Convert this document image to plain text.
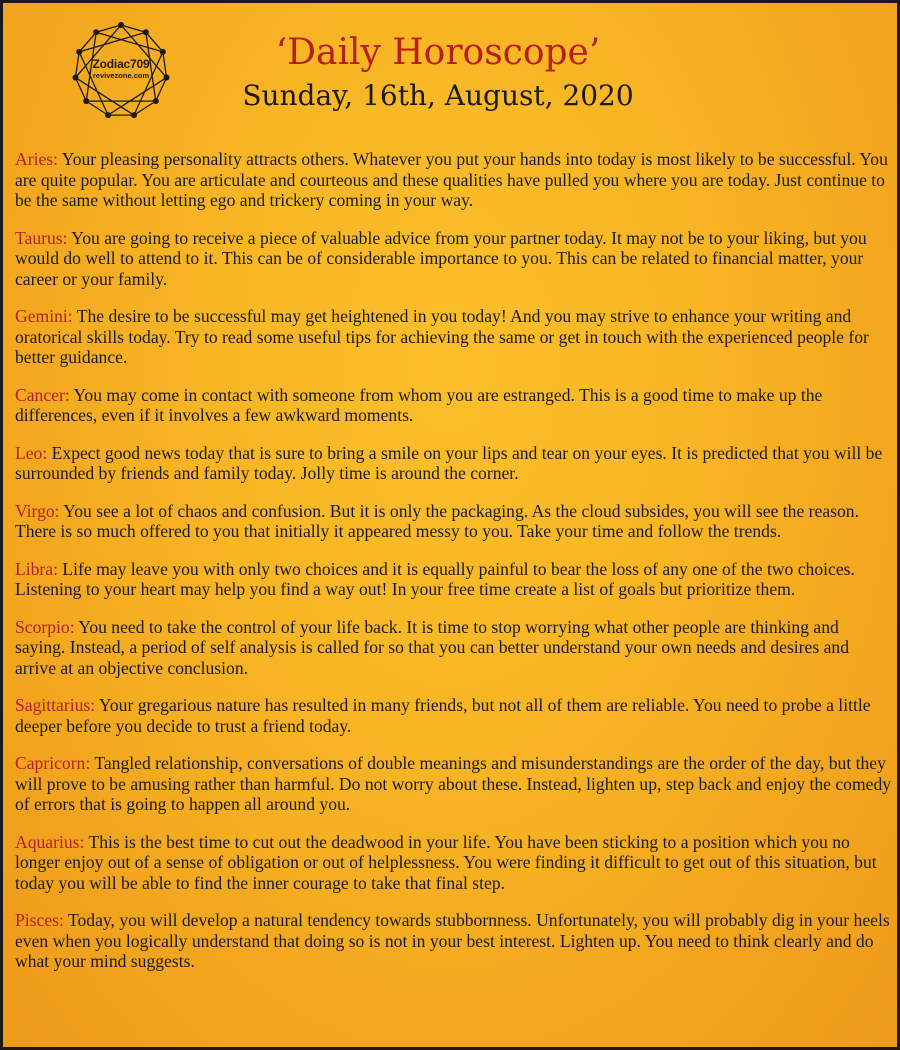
Zodiac709
revivezone.com
‘Daily Horoscope’
Sunday, 16th, August, 2020

Aries: Your pleasing personality attracts others. Whatever you put your hands into today is most likely to be successful. You are quite popular. You are articulate and courteous and these qualities have pulled you where you are today. Just continue to be the same without letting ego and trickery coming in your way.

Taurus: You are going to receive a piece of valuable advice from your partner today. It may not be to your liking, but you would do well to attend to it. This can be of considerable importance to you. This can be related to financial matter, your career or your family.

Gemini: The desire to be successful may get heightened in you today! And you may strive to enhance your writing and oratorical skills today. Try to read some useful tips for achieving the same or get in touch with the experienced people for better guidance.

Cancer: You may come in contact with someone from whom you are estranged. This is a good time to make up the differences, even if it involves a few awkward moments.

Leo: Expect good news today that is sure to bring a smile on your lips and tear on your eyes. It is predicted that you will be surrounded by friends and family today. Jolly time is around the corner.

Virgo: You see a lot of chaos and confusion. But it is only the packaging. As the cloud subsides, you will see the reason. There is so much offered to you that initially it appeared messy to you. Take your time and follow the trends.

Libra: Life may leave you with only two choices and it is equally painful to bear the loss of any one of the two choices. Listening to your heart may help you find a way out! In your free time create a list of goals but prioritize them.

Scorpio: You need to take the control of your life back. It is time to stop worrying what other people are thinking and saying. Instead, a period of self analysis is called for so that you can better understand your own needs and desires and arrive at an objective conclusion.

Sagittarius: Your gregarious nature has resulted in many friends, but not all of them are reliable. You need to probe a little deeper before you decide to trust a friend today.

Capricorn: Tangled relationship, conversations of double meanings and misunderstandings are the order of the day, but they will prove to be amusing rather than harmful. Do not worry about these. Instead, lighten up, step back and enjoy the comedy of errors that is going to happen all around you.

Aquarius: This is the best time to cut out the deadwood in your life. You have been sticking to a position which you no longer enjoy out of a sense of obligation or out of helplessness. You were finding it difficult to get out of this situation, but today you will be able to find the inner courage to take that final step.

Pisces: Today, you will develop a natural tendency towards stubbornness. Unfortunately, you will probably dig in your heels even when you logically understand that doing so is not in your best interest. Lighten up. You need to think clearly and do what your mind suggests.
